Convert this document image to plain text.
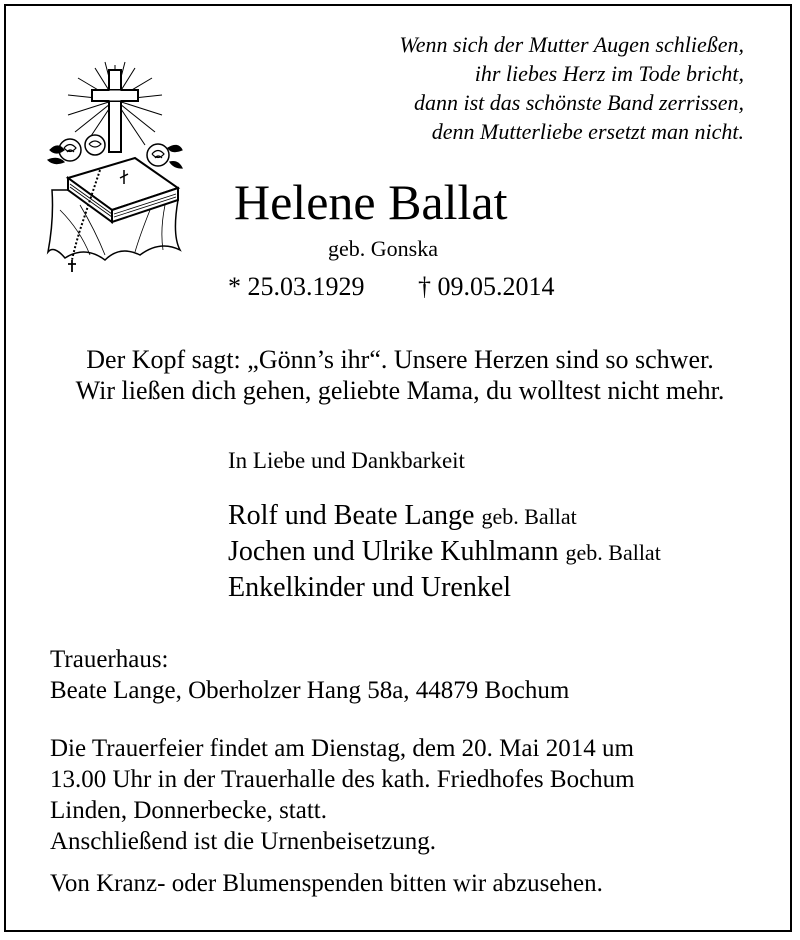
Wenn sich der Mutter Augen schließen,
ihr liebes Herz im Tode bricht,
dann ist das schönste Band zerrissen,
denn Mutterliebe ersetzt man nicht.
Helene Ballat
geb. Gonska
* 25.03.1929 † 09.05.2014
Der Kopf sagt: „Gönn’s ihr“. Unsere Herzen sind so schwer.
Wir ließen dich gehen, geliebte Mama, du wolltest nicht mehr.
In Liebe und Dankbarkeit
Rolf und Beate Lange geb. Ballat
Jochen und Ulrike Kuhlmann geb. Ballat
Enkelkinder und Urenkel
Trauerhaus:
Beate Lange, Oberholzer Hang 58a, 44879 Bochum
Die Trauerfeier findet am Dienstag, dem 20. Mai 2014 um
13.00 Uhr in der Trauerhalle des kath. Friedhofes Bochum
Linden, Donnerbecke, statt.
Anschließend ist die Urnenbeisetzung.
Von Kranz- oder Blumenspenden bitten wir abzusehen.
